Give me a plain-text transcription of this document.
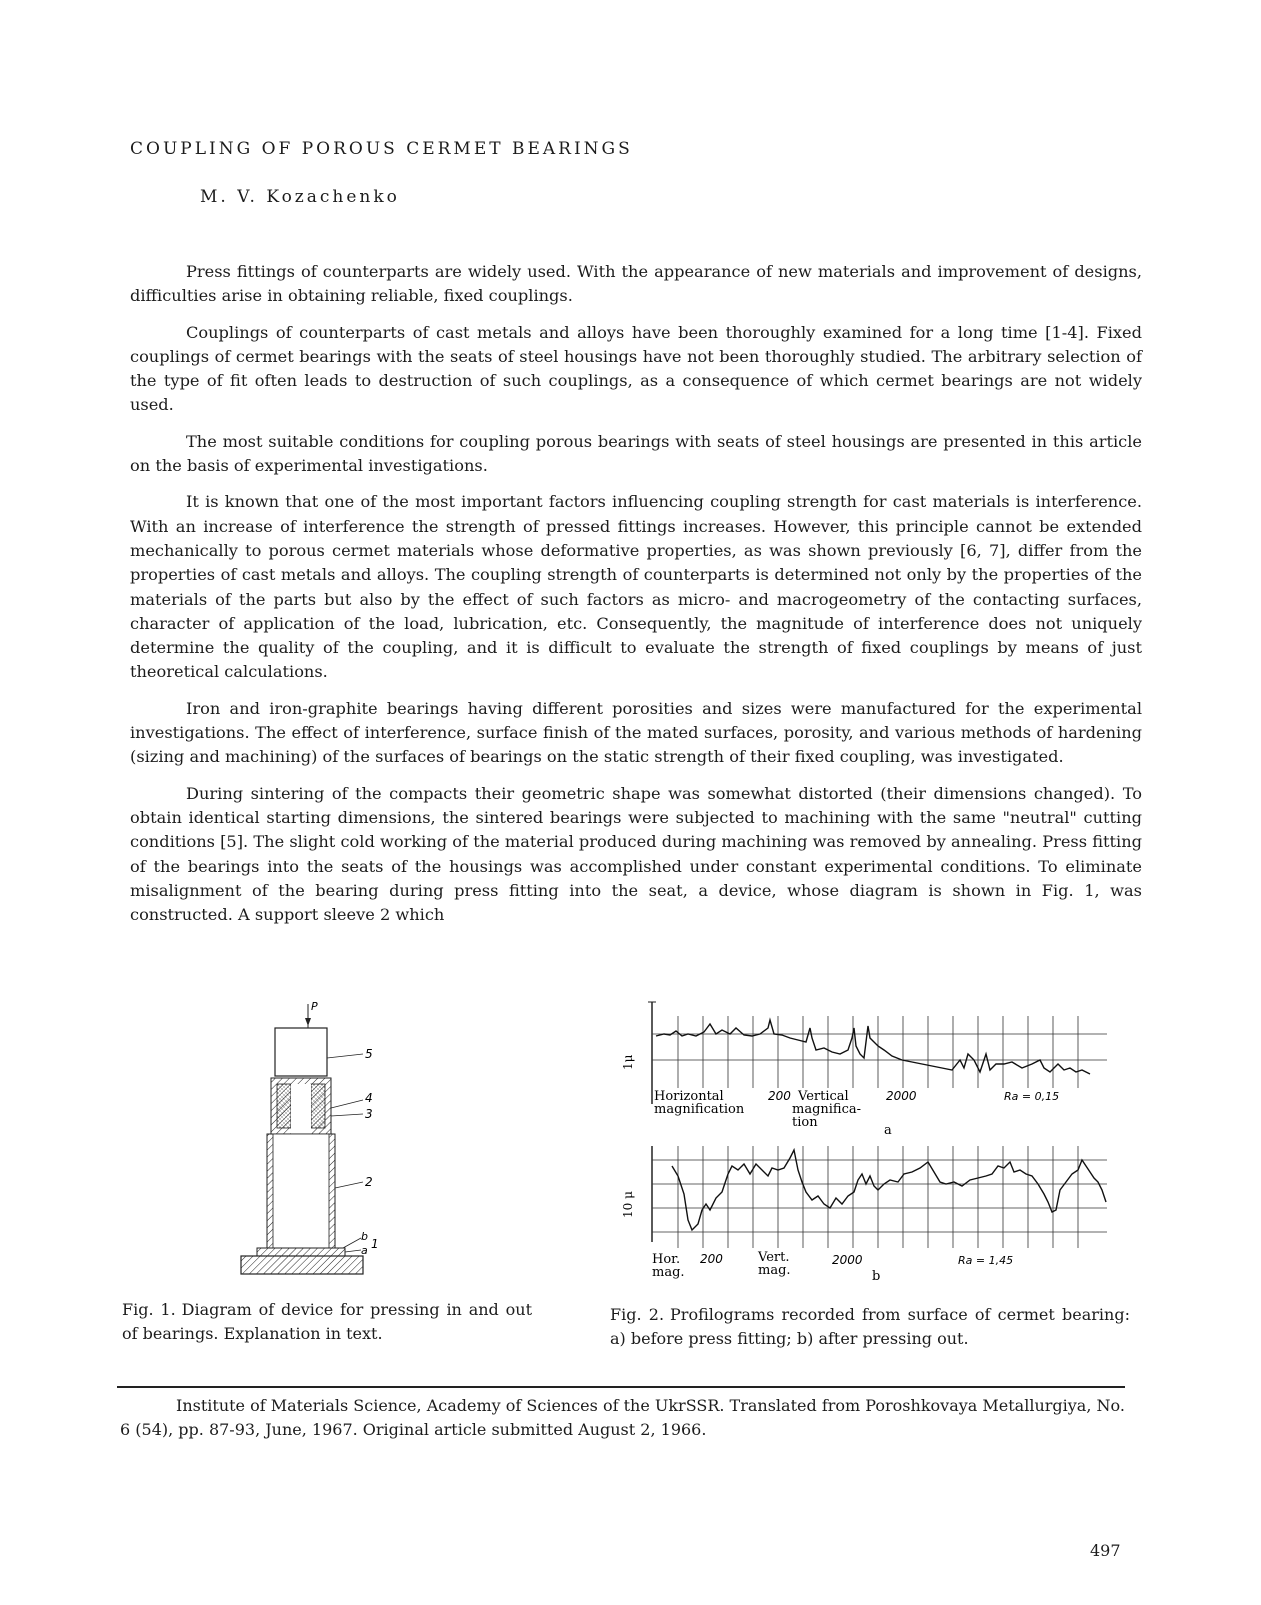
COUPLING OF POROUS CERMET BEARINGS
M. V. Kozachenko

Press fittings of counterparts are widely used. With the appearance of new materials and improvement of designs, difficulties arise in obtaining reliable, fixed couplings.

Couplings of counterparts of cast metals and alloys have been thoroughly examined for a long time [1-4]. Fixed couplings of cermet bearings with the seats of steel housings have not been thoroughly studied. The arbitrary selection of the type of fit often leads to destruction of such couplings, as a consequence of which cermet bearings are not widely used.

The most suitable conditions for coupling porous bearings with seats of steel housings are presented in this article on the basis of experimental investigations.

It is known that one of the most important factors influencing coupling strength for cast materials is interference. With an increase of interference the strength of pressed fittings increases. However, this principle cannot be extended mechanically to porous cermet materials whose deformative properties, as was shown previously [6, 7], differ from the properties of cast metals and alloys. The coupling strength of counterparts is determined not only by the properties of the materials of the parts but also by the effect of such factors as micro- and macrogeometry of the contacting surfaces, character of application of the load, lubrication, etc. Consequently, the magnitude of interference does not uniquely determine the quality of the coupling, and it is difficult to evaluate the strength of fixed couplings by means of just theoretical calculations.

Iron and iron-graphite bearings having different porosities and sizes were manufactured for the experimental investigations. The effect of interference, surface finish of the mated surfaces, porosity, and various methods of hardening (sizing and machining) of the surfaces of bearings on the static strength of their fixed coupling, was investigated.

During sintering of the compacts their geometric shape was somewhat distorted (their dimensions changed). To obtain identical starting dimensions, the sintered bearings were subjected to machining with the same "neutral" cutting conditions [5]. The slight cold working of the material produced during machining was removed by annealing. Press fitting of the bearings into the seats of the housings was accomplished under constant experimental conditions. To eliminate misalignment of the bearing during press fitting into the seat, a device, whose diagram is shown in Fig. 1, was constructed. A support sleeve 2 which

P
5
4
3
2
b
a 1
Fig. 1. Diagram of device for pressing in and out of bearings. Explanation in text.
1μ
Horizontal
magnification
200 Vertical
magnifica-
tion
2000	Ra = 0,15
a
10 μ
Hor.
mag.
200	Vert.
mag.
2000	Ra = 1,45
b
Fig. 2. Profilograms recorded from surface of cermet bearing: a) before press fitting; b) after pressing out.

Institute of Materials Science, Academy of Sciences of the UkrSSR. Translated from Poroshkovaya Metallurgiya, No. 6 (54), pp. 87-93, June, 1967. Original article submitted August 2, 1966.

497
